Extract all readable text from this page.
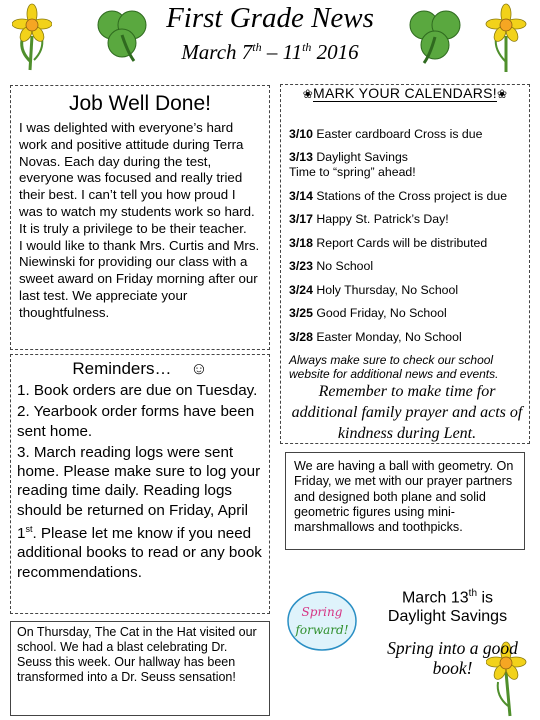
Spring
forward!
First Grade News
March 7th – 11th 2016
Job Well Done!

I was delighted with everyone’s hard work and positive attitude during Terra Novas. Each day during the test, everyone was focused and really tried their best. I can’t tell you how proud I was to watch my students work so hard. It is truly a privilege to be their teacher.

I would like to thank Mrs. Curtis and Mrs. Niewinski for providing our class with a sweet award on Friday morning after our last test. We appreciate your thoughtfulness.

Reminders… ☺

1. Book orders are due on Tuesday.

2. Yearbook order forms have been sent home.

3. March reading logs were sent home. Please make sure to log your reading time daily. Reading logs should be returned on Friday, April 1st. Please let me know if you need additional books to read or any book recommendations.

On Thursday, The Cat in the Hat visited our school. We had a blast celebrating Dr. Seuss this week. Our hallway has been transformed into a Dr. Seuss sensation!
❀MARK YOUR CALENDARS!❀
3/10 Easter cardboard Cross is due
3/13 Daylight Savings
Time to “spring” ahead!
3/14 Stations of the Cross project is due
3/17 Happy St. Patrick’s Day!
3/18 Report Cards will be distributed
3/23 No School
3/24 Holy Thursday, No School
3/25 Good Friday, No School
3/28 Easter Monday, No School
Always make sure to check our school website for additional news and events.
Remember to make time for additional family prayer and acts of kindness during Lent.
We are having a ball with geometry. On Friday, we met with our prayer partners and designed both plane and solid geometric figures using mini- marshmallows and toothpicks.
March 13th is
Daylight Savings
Spring into a good book!
